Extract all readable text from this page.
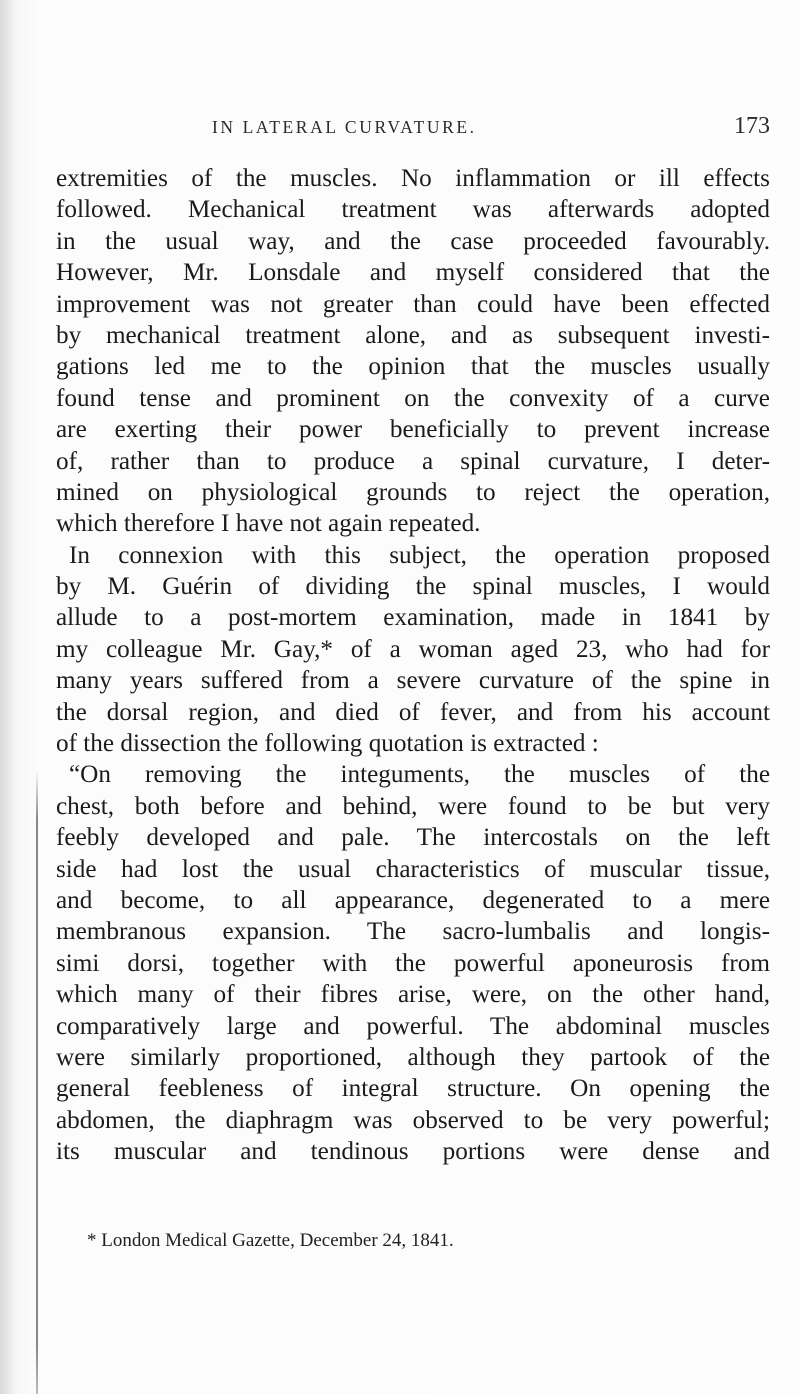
IN LATERAL CURVATURE.	173
extremities of the muscles. No inflammation or ill effects
followed. Mechanical treatment was afterwards adopted
in the usual way, and the case proceeded favourably.
However, Mr. Lonsdale and myself considered that the
improvement was not greater than could have been effected
by mechanical treatment alone, and as subsequent investi-
gations led me to the opinion that the muscles usually
found tense and prominent on the convexity of a curve
are exerting their power beneficially to prevent increase
of, rather than to produce a spinal curvature, I deter-
mined on physiological grounds to reject the operation,
which therefore I have not again repeated.
In connexion with this subject, the operation proposed
by M. Guérin of dividing the spinal muscles, I would
allude to a post-mortem examination, made in 1841 by
my colleague Mr. Gay,* of a woman aged 23, who had for
many years suffered from a severe curvature of the spine in
the dorsal region, and died of fever, and from his account
of the dissection the following quotation is extracted :
“On removing the integuments, the muscles of the
chest, both before and behind, were found to be but very
feebly developed and pale. The intercostals on the left
side had lost the usual characteristics of muscular tissue,
and become, to all appearance, degenerated to a mere
membranous expansion. The sacro-lumbalis and longis-
simi dorsi, together with the powerful aponeurosis from
which many of their fibres arise, were, on the other hand,
comparatively large and powerful. The abdominal muscles
were similarly proportioned, although they partook of the
general feebleness of integral structure. On opening the
abdomen, the diaphragm was observed to be very powerful;
its muscular and tendinous portions were dense and
* London Medical Gazette, December 24, 1841.
